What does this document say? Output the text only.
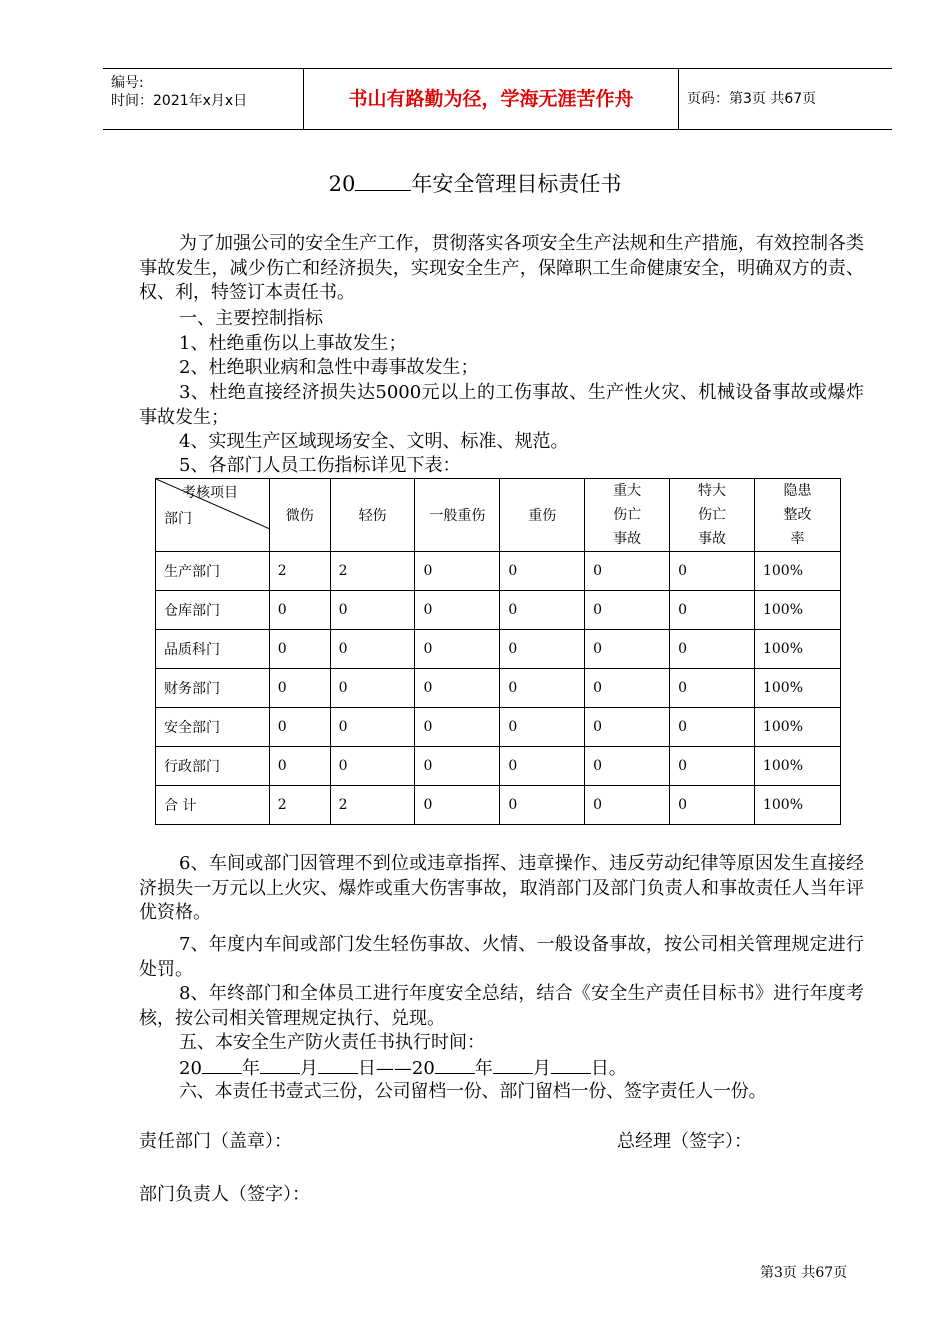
编号:
时间：2021年x月x日	书山有路勤为径，学海无涯苦作舟	页码：第3页 共67页
20	年安全管理目标责任书
为了加强公司的安全生产工作，贯彻落实各项安全生产法规和生产措施，有效控制各类事故发生，减少伤亡和经济损失，实现安全生产，保障职工生命健康安全，明确双方的责、权、利，特签订本责任书。
一、主要控制指标
1、杜绝重伤以上事故发生；
2、杜绝职业病和急性中毒事故发生；
3、杜绝直接经济损失达5000元以上的工伤事故、生产性火灾、机械设备事故或爆炸事故发生；
4、实现生产区域现场安全、文明、标准、规范。
5、各部门人员工伤指标详见下表：
考核项目
部门	微伤	轻伤	一般重伤	重伤	重大伤亡事故	特大伤亡事故	隐患整改率
生产部门	2	2	0	0	0	0	100%
仓库部门	0	0	0	0	0	0	100%
品质科门	0	0	0	0	0	0	100%
财务部门	0	0	0	0	0	0	100%
安全部门	0	0	0	0	0	0	100%
行政部门	0	0	0	0	0	0	100%
合 计	2	2	0	0	0	0	100%
6、车间或部门因管理不到位或违章指挥、违章操作、违反劳动纪律等原因发生直接经济损失一万元以上火灾、爆炸或重大伤害事故，取消部门及部门负责人和事故责任人当年评优资格。
7、年度内车间或部门发生轻伤事故、火情、一般设备事故，按公司相关管理规定进行处罚。
8、年终部门和全体员工进行年度安全总结，结合《安全生产责任目标书》进行年度考核，按公司相关管理规定执行、兑现。
五、本安全生产防火责任书执行时间：
20 年 月 日——20 年 月 日。
六、本责任书壹式三份，公司留档一份、部门留档一份、签字责任人一份。
责任部门（盖章）：	总经理（签字）：
部门负责人（签字）：
第3页 共67页
